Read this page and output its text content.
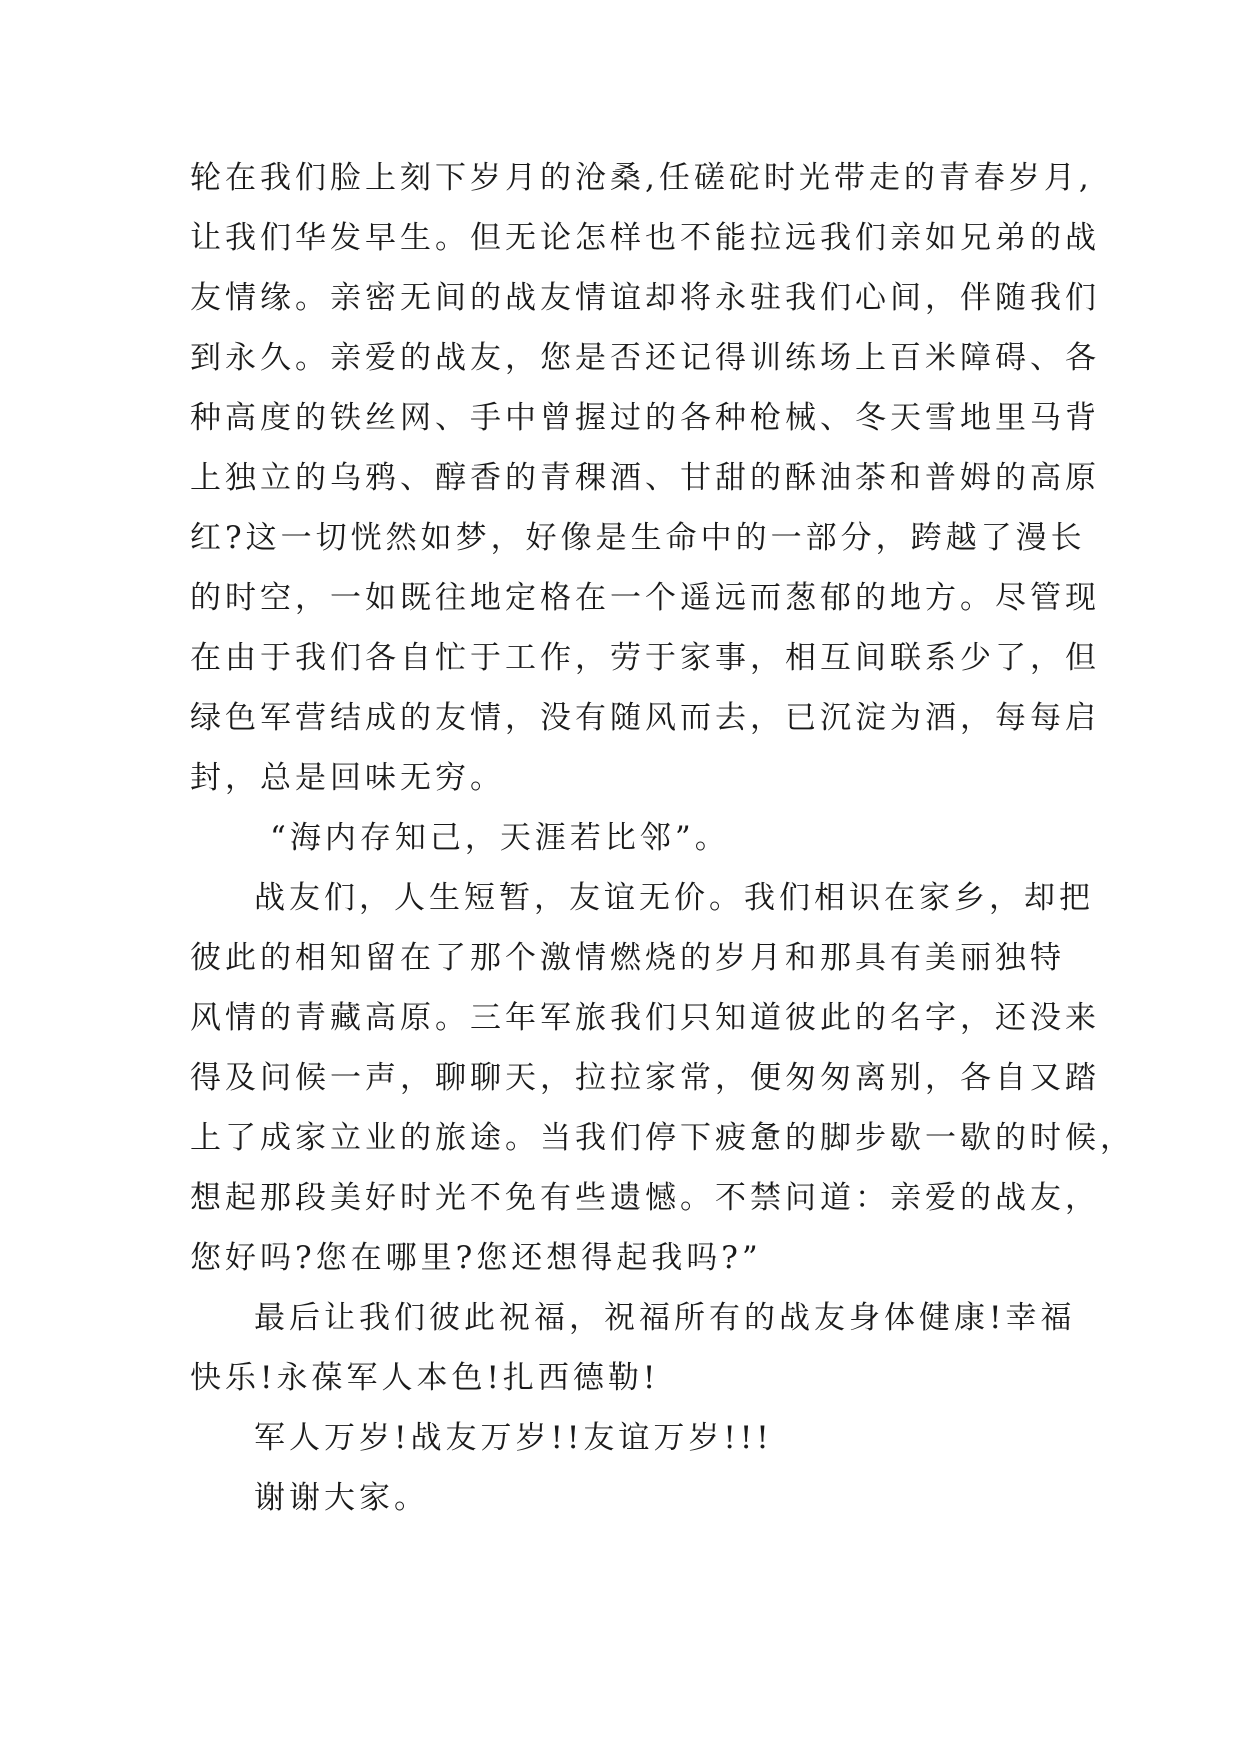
轮在我们脸上刻下岁月的沧桑,任磋砣时光带走的青春岁月,
让我们华发早生。但无论怎样也不能拉远我们亲如兄弟的战
友情缘。亲密无间的战友情谊却将永驻我们心间，伴随我们
到永久。亲爱的战友，您是否还记得训练场上百米障碍、各
种高度的铁丝网、手中曾握过的各种枪械、冬天雪地里马背
上独立的乌鸦、醇香的青稞酒、甘甜的酥油茶和普姆的高原
红?这一切恍然如梦，好像是生命中的一部分，跨越了漫长
的时空，一如既往地定格在一个遥远而葱郁的地方。尽管现
在由于我们各自忙于工作，劳于家事，相互间联系少了，但
绿色军营结成的友情，没有随风而去，已沉淀为酒，每每启
封，总是回味无穷。
“海内存知己，天涯若比邻”。
战友们，人生短暂，友谊无价。我们相识在家乡，却把
彼此的相知留在了那个激情燃烧的岁月和那具有美丽独特
风情的青藏高原。三年军旅我们只知道彼此的名字，还没来
得及问候一声，聊聊天，拉拉家常，便匆匆离别，各自又踏
上了成家立业的旅途。当我们停下疲惫的脚步歇一歇的时候，
想起那段美好时光不免有些遗憾。不禁问道：亲爱的战友，
您好吗?您在哪里?您还想得起我吗?”
最后让我们彼此祝福，祝福所有的战友身体健康!幸福
快乐!永葆军人本色!扎西德勒!
军人万岁!战友万岁!!友谊万岁!!!
谢谢大家。
